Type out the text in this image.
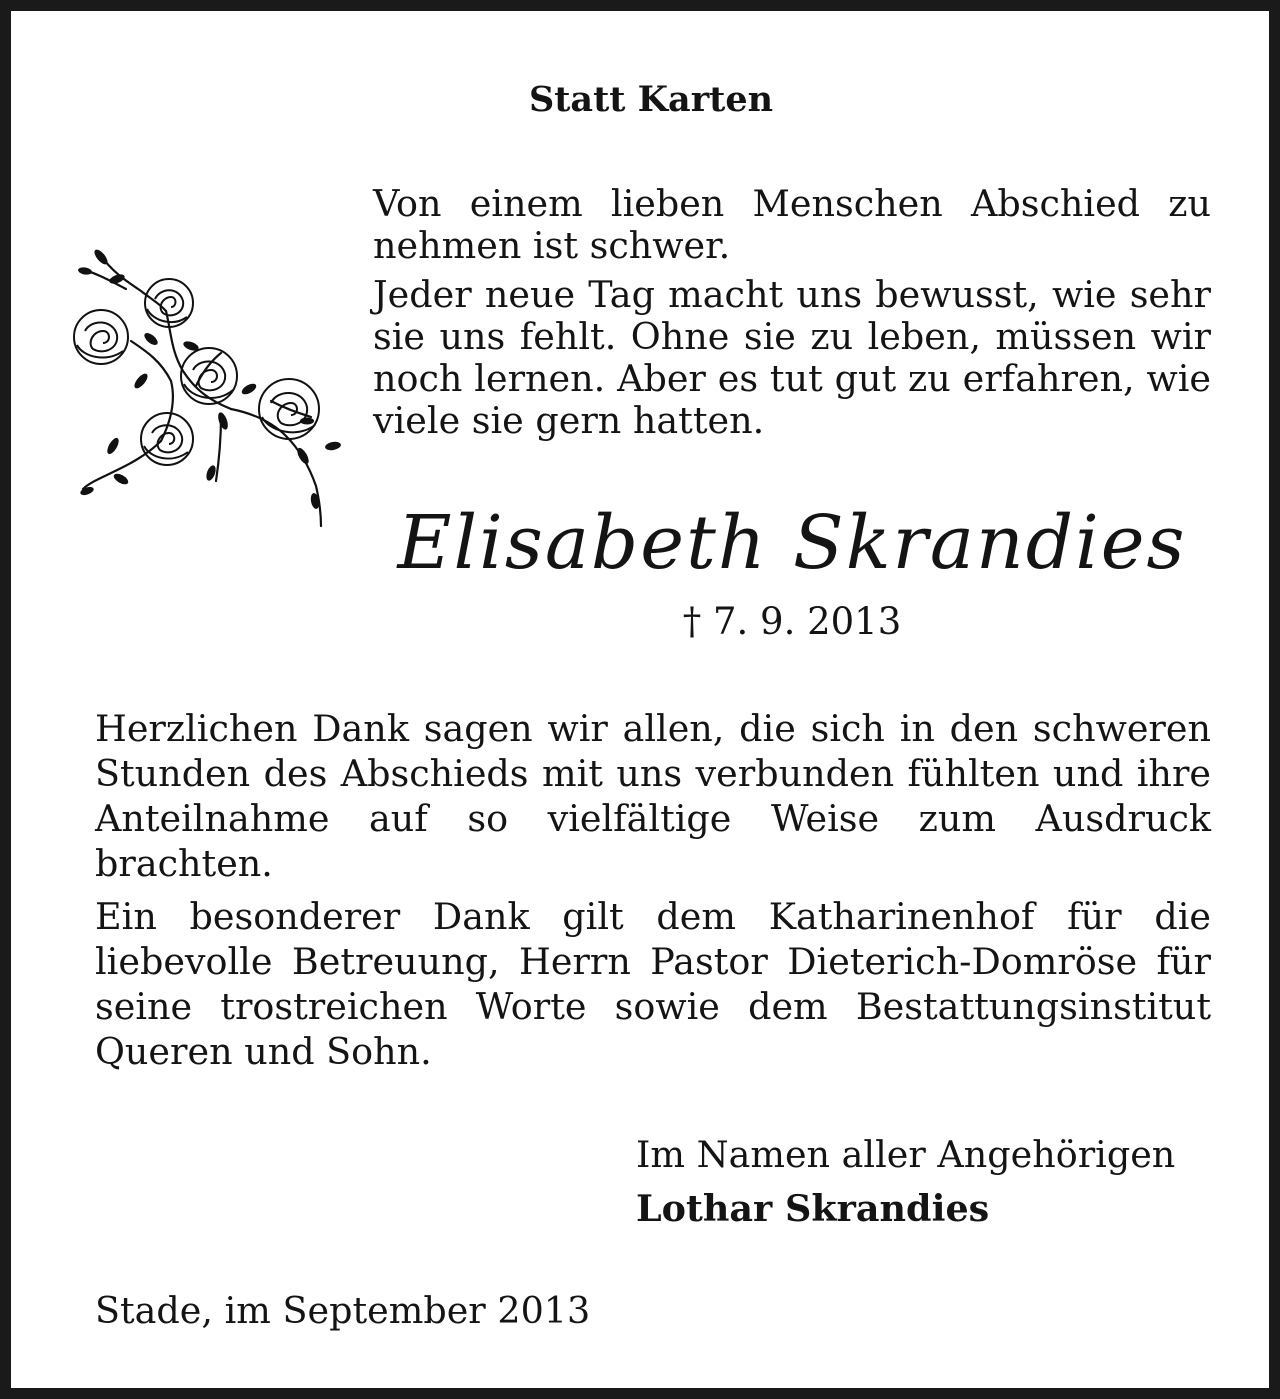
Statt Karten

Von einem lieben Menschen Abschied zu nehmen ist schwer.

Jeder neue Tag macht uns bewusst, wie sehr sie uns fehlt. Ohne sie zu leben, müssen wir noch lernen. Aber es tut gut zu erfahren, wie viele sie gern hatten.

Elisabeth Skrandies
† 7. 9. 2013

Herzlichen Dank sagen wir allen, die sich in den schweren Stunden des Abschieds mit uns verbunden fühlten und ihre Anteilnahme auf so vielfältige Weise zum Ausdruck brachten.

Ein besonderer Dank gilt dem Katharinenhof für die liebevolle Betreuung, Herrn Pastor Dieterich-Domröse für seine trostreichen Worte sowie dem Bestattungsinstitut Queren und Sohn.

Im Namen aller Angehörigen
Lothar Skrandies
Stade, im September 2013
